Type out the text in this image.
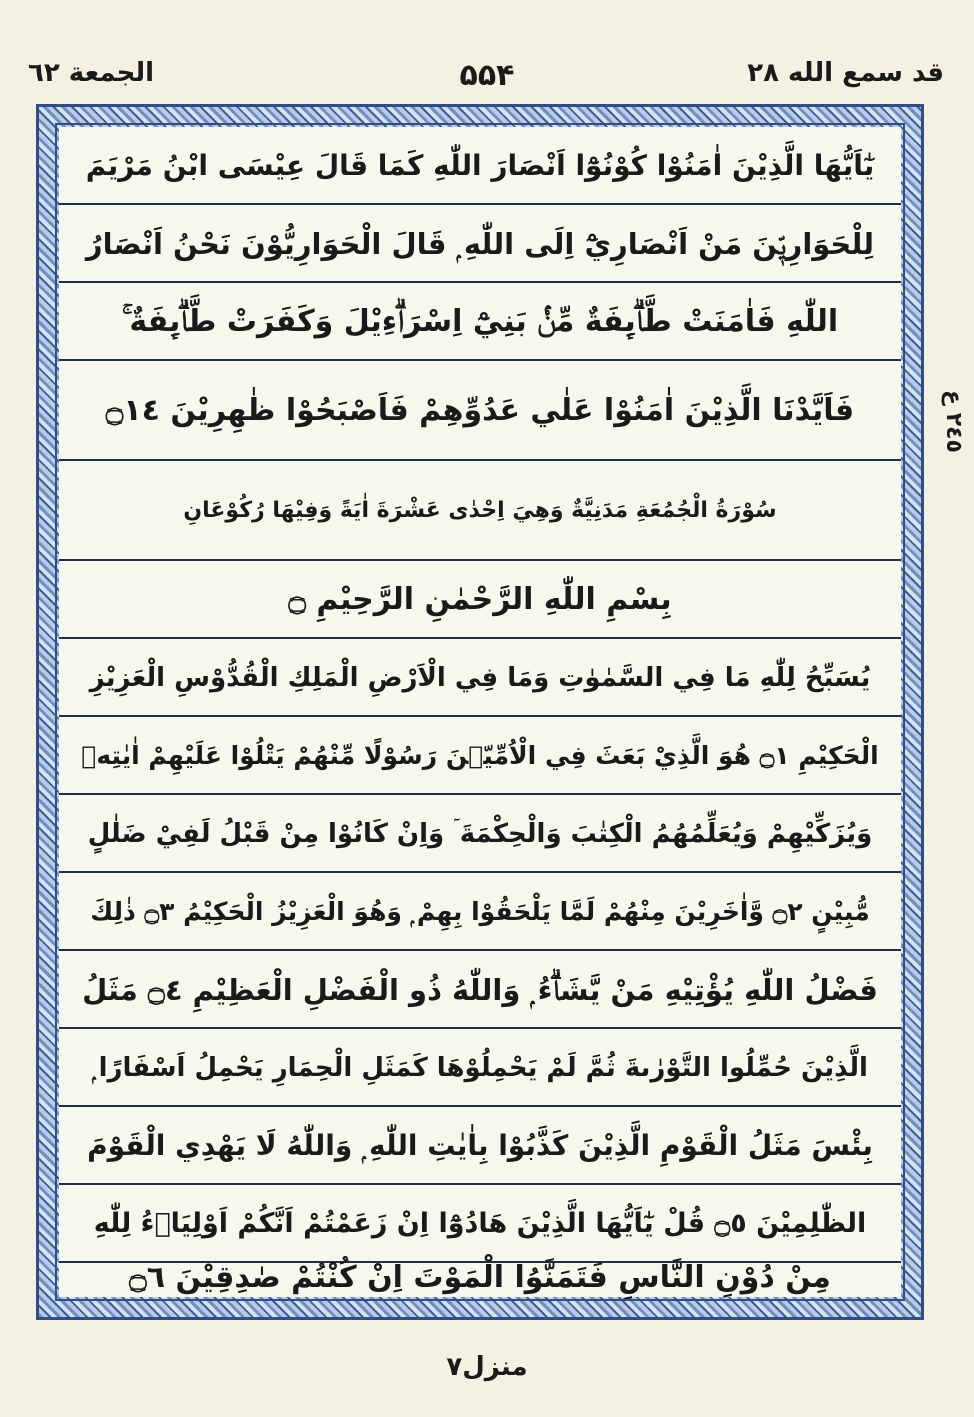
الجمعة ٦٢	۵۵۴	قد سمع الله ٢٨
يٰٓاَيُّهَا الَّذِيْنَ اٰمَنُوْا كُوْنُوْٓا اَنْصَارَ اللّٰهِ كَمَا قَالَ عِيْسَى ابْنُ مَرْيَمَ
لِلْحَوَارِيّٖنَ مَنْ اَنْصَارِيْٓ اِلَى اللّٰهِ ۭ قَالَ الْحَوَارِيُّوْنَ نَحْنُ اَنْصَارُ
اللّٰهِ فَاٰمَنَتْ طَّاۗىِٕفَةٌ مِّنْۢ بَنِيْٓ اِسْرَاۗءِيْلَ وَكَفَرَتْ طَّاۗىِٕفَةٌ ۚ
فَاَيَّدْنَا الَّذِيْنَ اٰمَنُوْا عَلٰي عَدُوِّهِمْ فَاَصْبَحُوْا ظٰهِرِيْنَ ۝١٤
سُوْرَةُ الْجُمُعَةِ مَدَنِيَّةٌ وَهِيَ اِحْدٰى عَشْرَةَ اٰيَةً وَفِيْهَا رُكُوْعَانِ
بِسْمِ اللّٰهِ الرَّحْمٰنِ الرَّحِيْمِ ۝
يُسَبِّحُ لِلّٰهِ مَا فِي السَّمٰوٰتِ وَمَا فِي الْاَرْضِ الْمَلِكِ الْقُدُّوْسِ الْعَزِيْزِ
الْحَكِيْمِ ۝١ هُوَ الَّذِيْ بَعَثَ فِي الْاُمِّيّٖنَ رَسُوْلًا مِّنْهُمْ يَتْلُوْا عَلَيْهِمْ اٰيٰتِهٖ
وَيُزَكِّيْهِمْ وَيُعَلِّمُهُمُ الْكِتٰبَ وَالْحِكْمَةَ ۤ وَاِنْ كَانُوْا مِنْ قَبْلُ لَفِيْ ضَلٰلٍ
مُّبِيْنٍ ۝٢ وَّاٰخَرِيْنَ مِنْهُمْ لَمَّا يَلْحَقُوْا بِهِمْ ۭ وَهُوَ الْعَزِيْزُ الْحَكِيْمُ ۝٣ ذٰلِكَ
فَضْلُ اللّٰهِ يُؤْتِيْهِ مَنْ يَّشَاۗءُ ۭ وَاللّٰهُ ذُو الْفَضْلِ الْعَظِيْمِ ۝٤ مَثَلُ
الَّذِيْنَ حُمِّلُوا التَّوْرٰىةَ ثُمَّ لَمْ يَحْمِلُوْهَا كَمَثَلِ الْحِمَارِ يَحْمِلُ اَسْفَارًا ۭ
بِئْسَ مَثَلُ الْقَوْمِ الَّذِيْنَ كَذَّبُوْا بِاٰيٰتِ اللّٰهِ ۭ وَاللّٰهُ لَا يَهْدِي الْقَوْمَ
الظّٰلِمِيْنَ ۝٥ قُلْ يٰٓاَيُّهَا الَّذِيْنَ هَادُوْٓا اِنْ زَعَمْتُمْ اَنَّكُمْ اَوْلِيَاۗءُ لِلّٰهِ
مِنْ دُوْنِ النَّاسِ فَتَمَنَّوُا الْمَوْتَ اِنْ كُنْتُمْ صٰدِقِيْنَ ۝٦
٢٤٥ ع
منزل٧
